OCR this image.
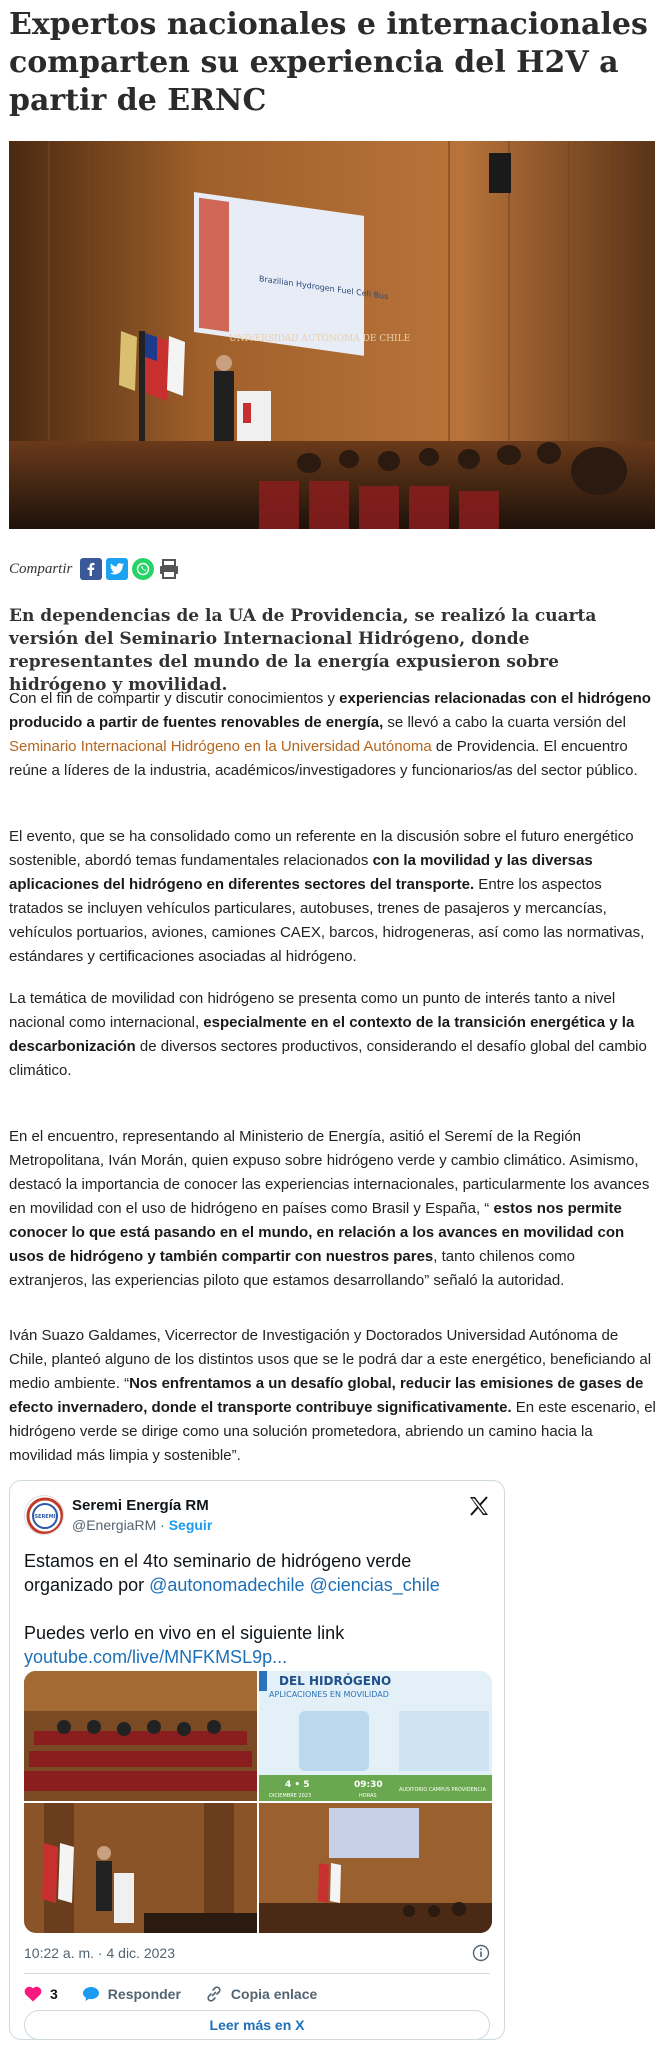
Expertos nacionales e internacionales comparten su experiencia del H2V a partir de ERNC
Brazilian Hydrogen Fuel Cell Bus
UNIVERSIDAD AUTÓNOMA DE CHILE
Compartir

En dependencias de la UA de Providencia, se realizó la cuarta versión del Seminario Internacional Hidrógeno, donde representantes del mundo de la energía expusieron sobre hidrógeno y movilidad.

Con el fin de compartir y discutir conocimientos y experiencias relacionadas con el hidrógeno producido a partir de fuentes renovables de energía, se llevó a cabo la cuarta versión del Seminario Internacional Hidrógeno en la Universidad Autónoma de Providencia. El encuentro reúne a líderes de la industria, académicos/investigadores y funcionarios/as del sector público.

El evento, que se ha consolidado como un referente en la discusión sobre el futuro energético sostenible, abordó temas fundamentales relacionados con la movilidad y las diversas aplicaciones del hidrógeno en diferentes sectores del transporte. Entre los aspectos tratados se incluyen vehículos particulares, autobuses, trenes de pasajeros y mercancías, vehículos portuarios, aviones, camiones CAEX, barcos, hidrogeneras, así como las normativas, estándares y certificaciones asociadas al hidrógeno.

La temática de movilidad con hidrógeno se presenta como un punto de interés tanto a nivel nacional como internacional, especialmente en el contexto de la transición energética y la descarbonización de diversos sectores productivos, considerando el desafío global del cambio climático.

En el encuentro, representando al Ministerio de Energía, asitió el Seremí de la Región Metropolitana, Iván Morán, quien expuso sobre hidrógeno verde y cambio climático. Asimismo, destacó la importancia de conocer las experiencias internacionales, particularmente los avances en movilidad con el uso de hidrógeno en países como Brasil y España, “ estos nos permite conocer lo que está pasando en el mundo, en relación a los avances en movilidad con usos de hidrógeno y también compartir con nuestros pares, tanto chilenos como extranjeros, las experiencias piloto que estamos desarrollando” señaló la autoridad.

Iván Suazo Galdames, Vicerrector de Investigación y Doctorados Universidad Autónoma de Chile, planteó alguno de los distintos usos que se le podrá dar a este energético, beneficiando al medio ambiente. “Nos enfrentamos a un desafío global, reducir las emisiones de gases de efecto invernadero, donde el transporte contribuye significativamente. En este escenario, el hidrógeno verde se dirige como una solución prometedora, abriendo un camino hacia la movilidad más limpia y sostenible”.

SEREMI
Seremi Energía RM
@EnergiaRM · Seguir
Estamos en el 4to seminario de hidrógeno verde organizado por @autonomadechile @ciencias_chile

Puedes verlo en vivo en el siguiente link youtube.com/live/MNFKMSL9p...
DEL HIDRÓGENO
APLICACIONES EN MOVILIDAD
4 • 5
DICIEMBRE 2023
09:30
HORAS
AUDITORIO CAMPUS PROVIDENCIA
10:22 a. m. · 4 dic. 2023
3	Responder	Copia enlace
Leer más en X
